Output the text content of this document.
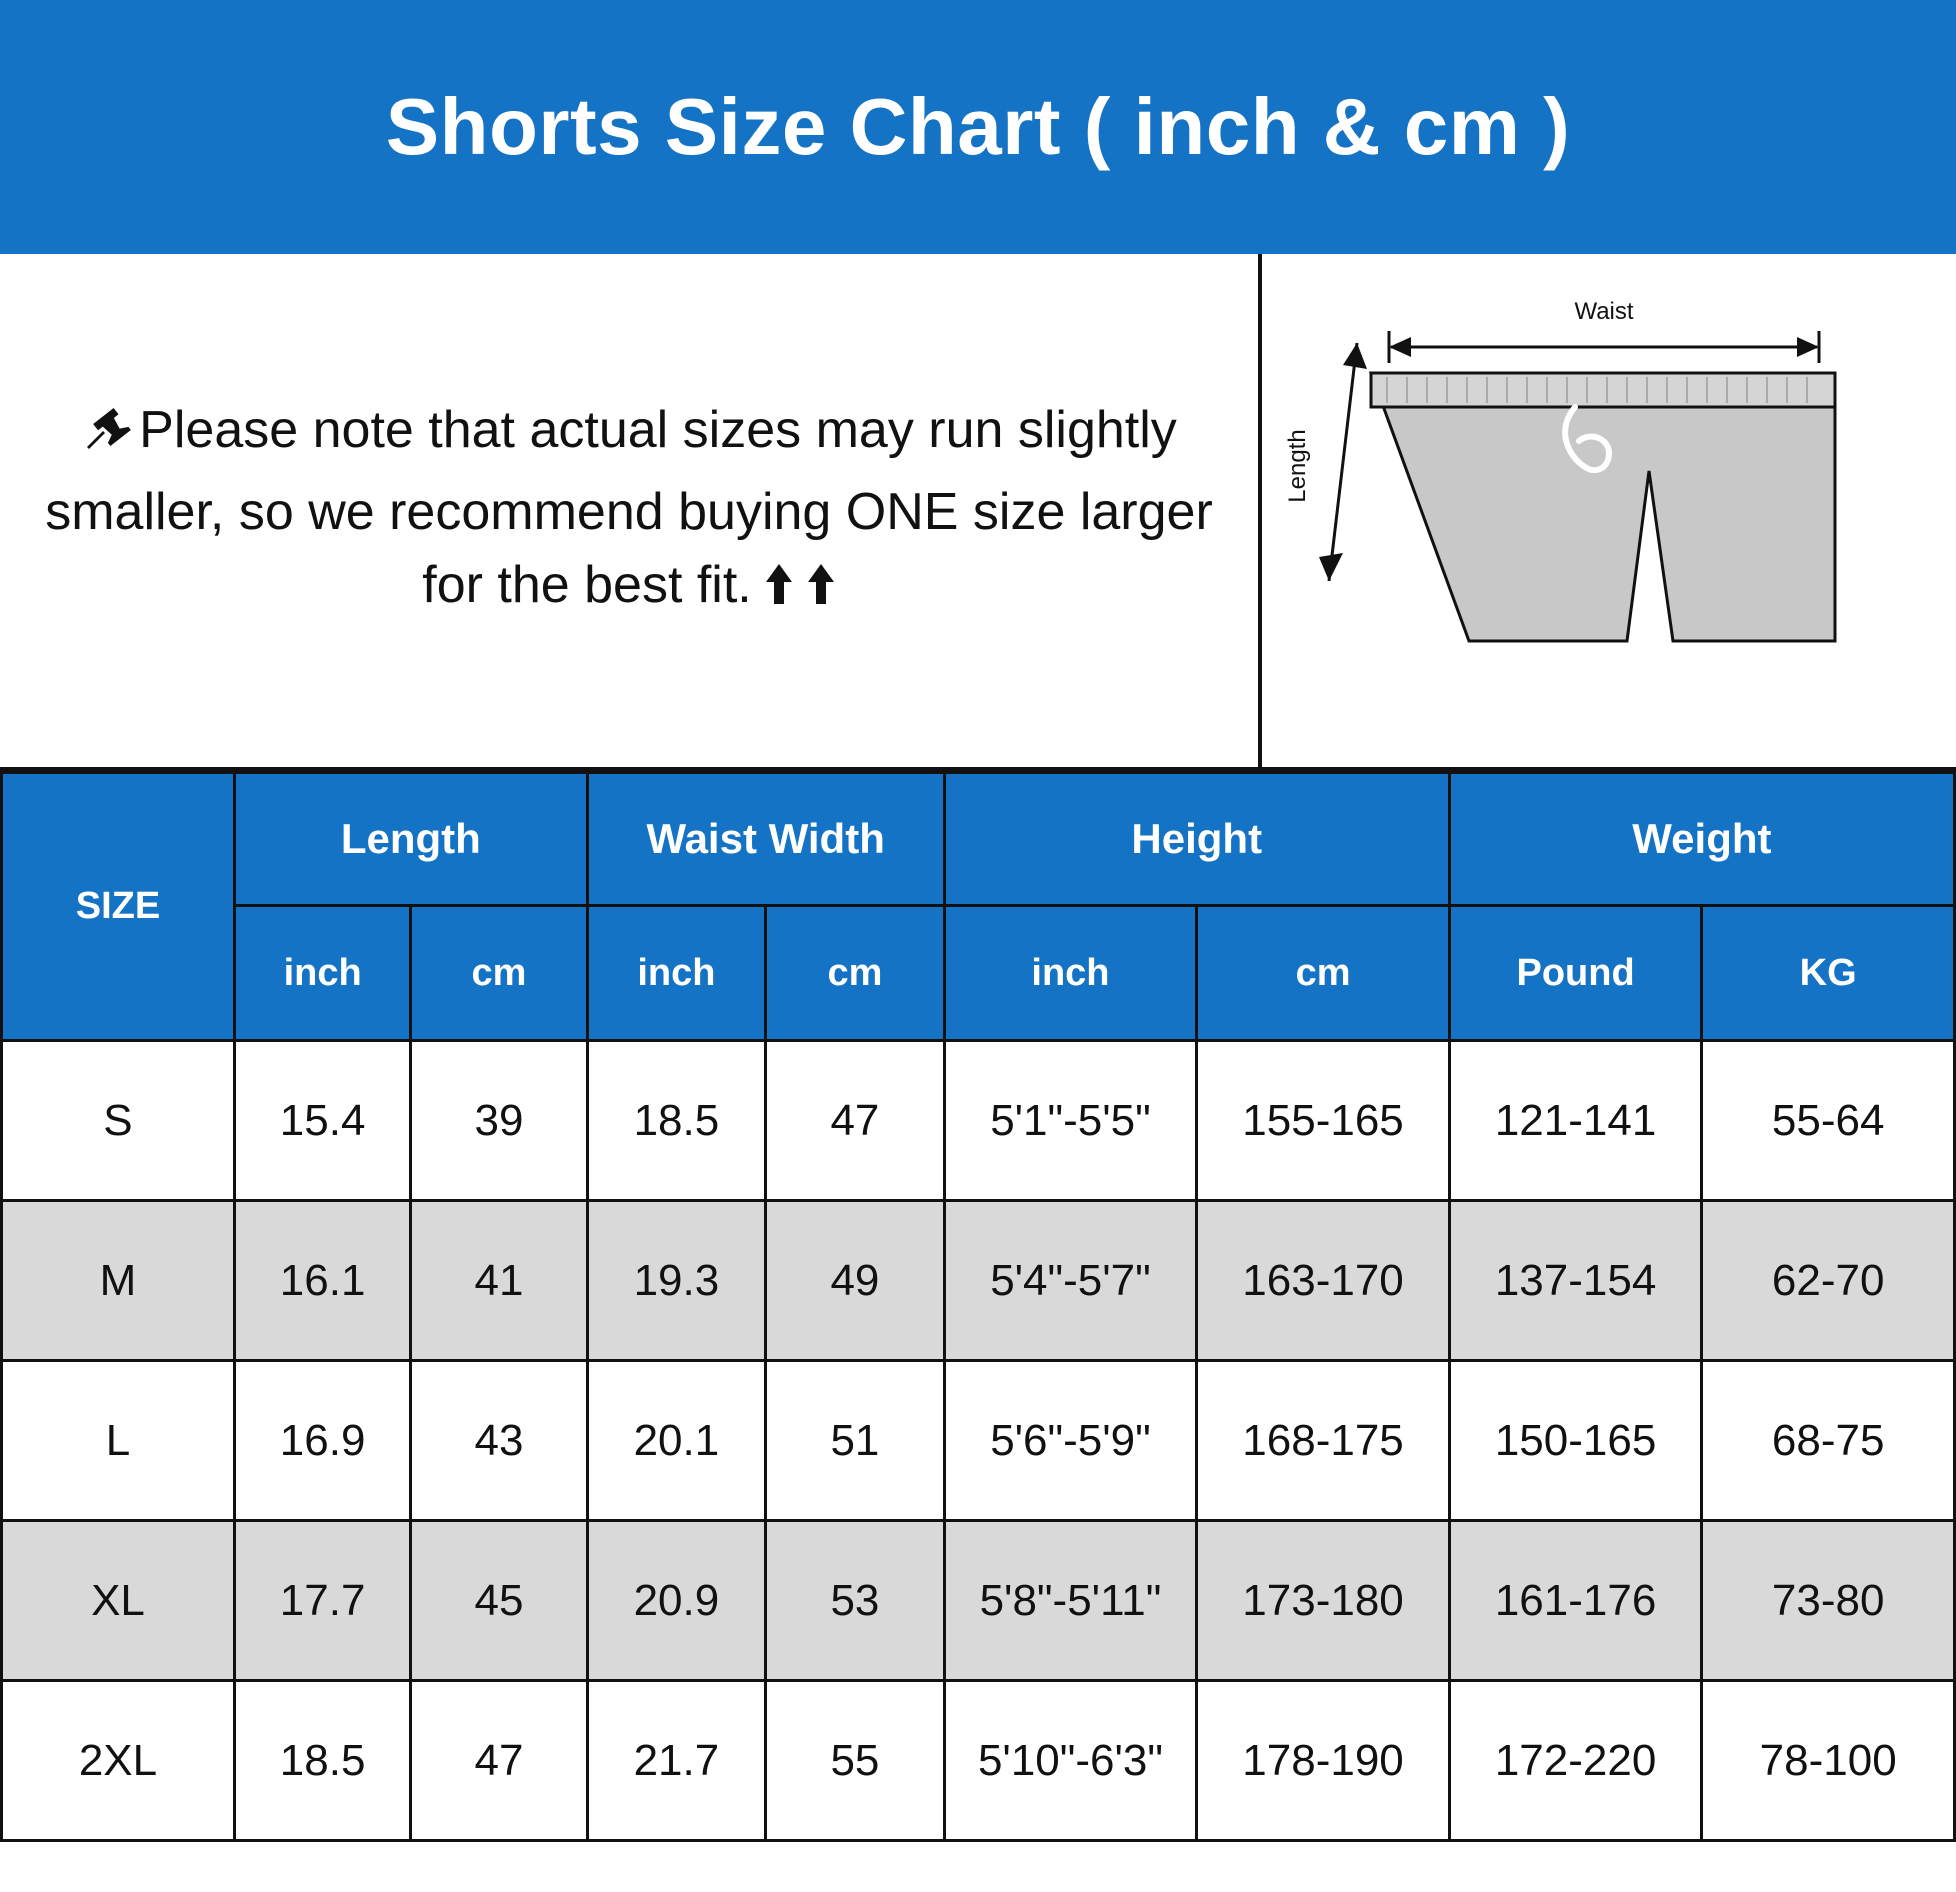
Shorts Size Chart ( inch & cm )
Please note that actual sizes may run slightly smaller, so we recommend buying ONE size larger for the best fit.
Waist
Length
SIZE	Length		Waist Width		Height		Weight	
	inch	cm	inch	cm	inch	cm	Pound	KG
S	15.4	39	18.5	47	5'1"-5'5"	155-165	121-141	55-64
M	16.1	41	19.3	49	5'4"-5'7"	163-170	137-154	62-70
L	16.9	43	20.1	51	5'6"-5'9"	168-175	150-165	68-75
XL	17.7	45	20.9	53	5'8"-5'11"	173-180	161-176	73-80
2XL	18.5	47	21.7	55	5'10"-6'3"	178-190	172-220	78-100
